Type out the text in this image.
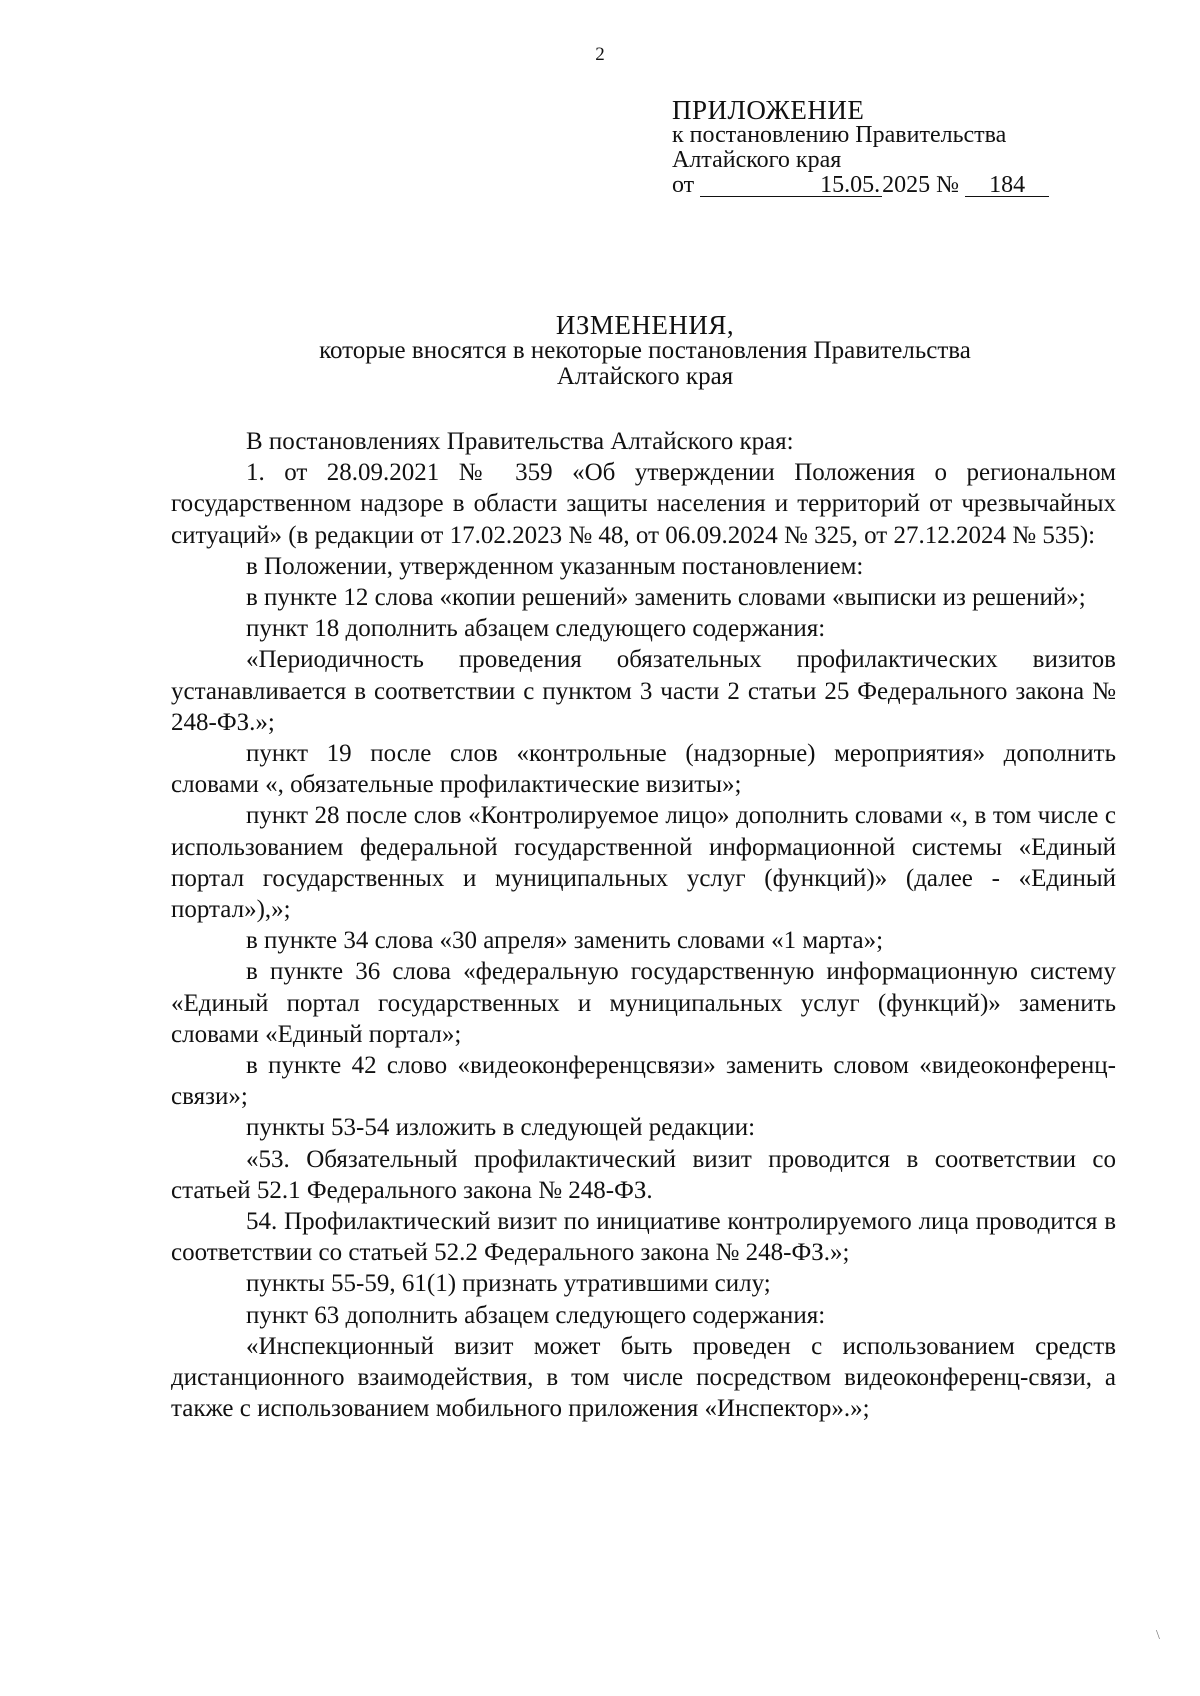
2
ПРИЛОЖЕНИЕ
к постановлению Правительства
Алтайского края
от	15.05.2025 № 184
ИЗМЕНЕНИЯ,
которые вносятся в некоторые постановления Правительства
Алтайского края

В постановлениях Правительства Алтайского края:

1. от 28.09.2021 № 359 «Об утверждении Положения о региональном государственном надзоре в области защиты населения и территорий от чрезвычайных ситуаций» (в редакции от 17.02.2023 № 48, от 06.09.2024 № 325, от 27.12.2024 № 535):

в Положении, утвержденном указанным постановлением:

в пункте 12 слова «копии решений» заменить словами «выписки из решений»;

пункт 18 дополнить абзацем следующего содержания:

«Периодичность проведения обязательных профилактических визитов устанавливается в соответствии с пунктом 3 части 2 статьи 25 Федерального закона № 248-ФЗ.»;

пункт 19 после слов «контрольные (надзорные) мероприятия» дополнить словами «, обязательные профилактические визиты»;

пункт 28 после слов «Контролируемое лицо» дополнить словами «, в том числе с использованием федеральной государственной информационной системы «Единый портал государственных и муниципальных услуг (функций)» (далее - «Единый портал»),»;

в пункте 34 слова «30 апреля» заменить словами «1 марта»;

в пункте 36 слова «федеральную государственную информационную систему «Единый портал государственных и муниципальных услуг (функций)» заменить словами «Единый портал»;

в пункте 42 слово «видеоконференцсвязи» заменить словом «видеоконференц-связи»;

пункты 53-54 изложить в следующей редакции:

«53. Обязательный профилактический визит проводится в соответствии со статьей 52.1 Федерального закона № 248-ФЗ.

54. Профилактический визит по инициативе контролируемого лица проводится в соответствии со статьей 52.2 Федерального закона № 248-ФЗ.»;

пункты 55-59, 61(1) признать утратившими силу;

пункт 63 дополнить абзацем следующего содержания:

«Инспекционный визит может быть проведен с использованием средств дистанционного взаимодействия, в том числе посредством видеоконференц-связи, а также с использованием мобильного приложения «Инспектор».»;

\
